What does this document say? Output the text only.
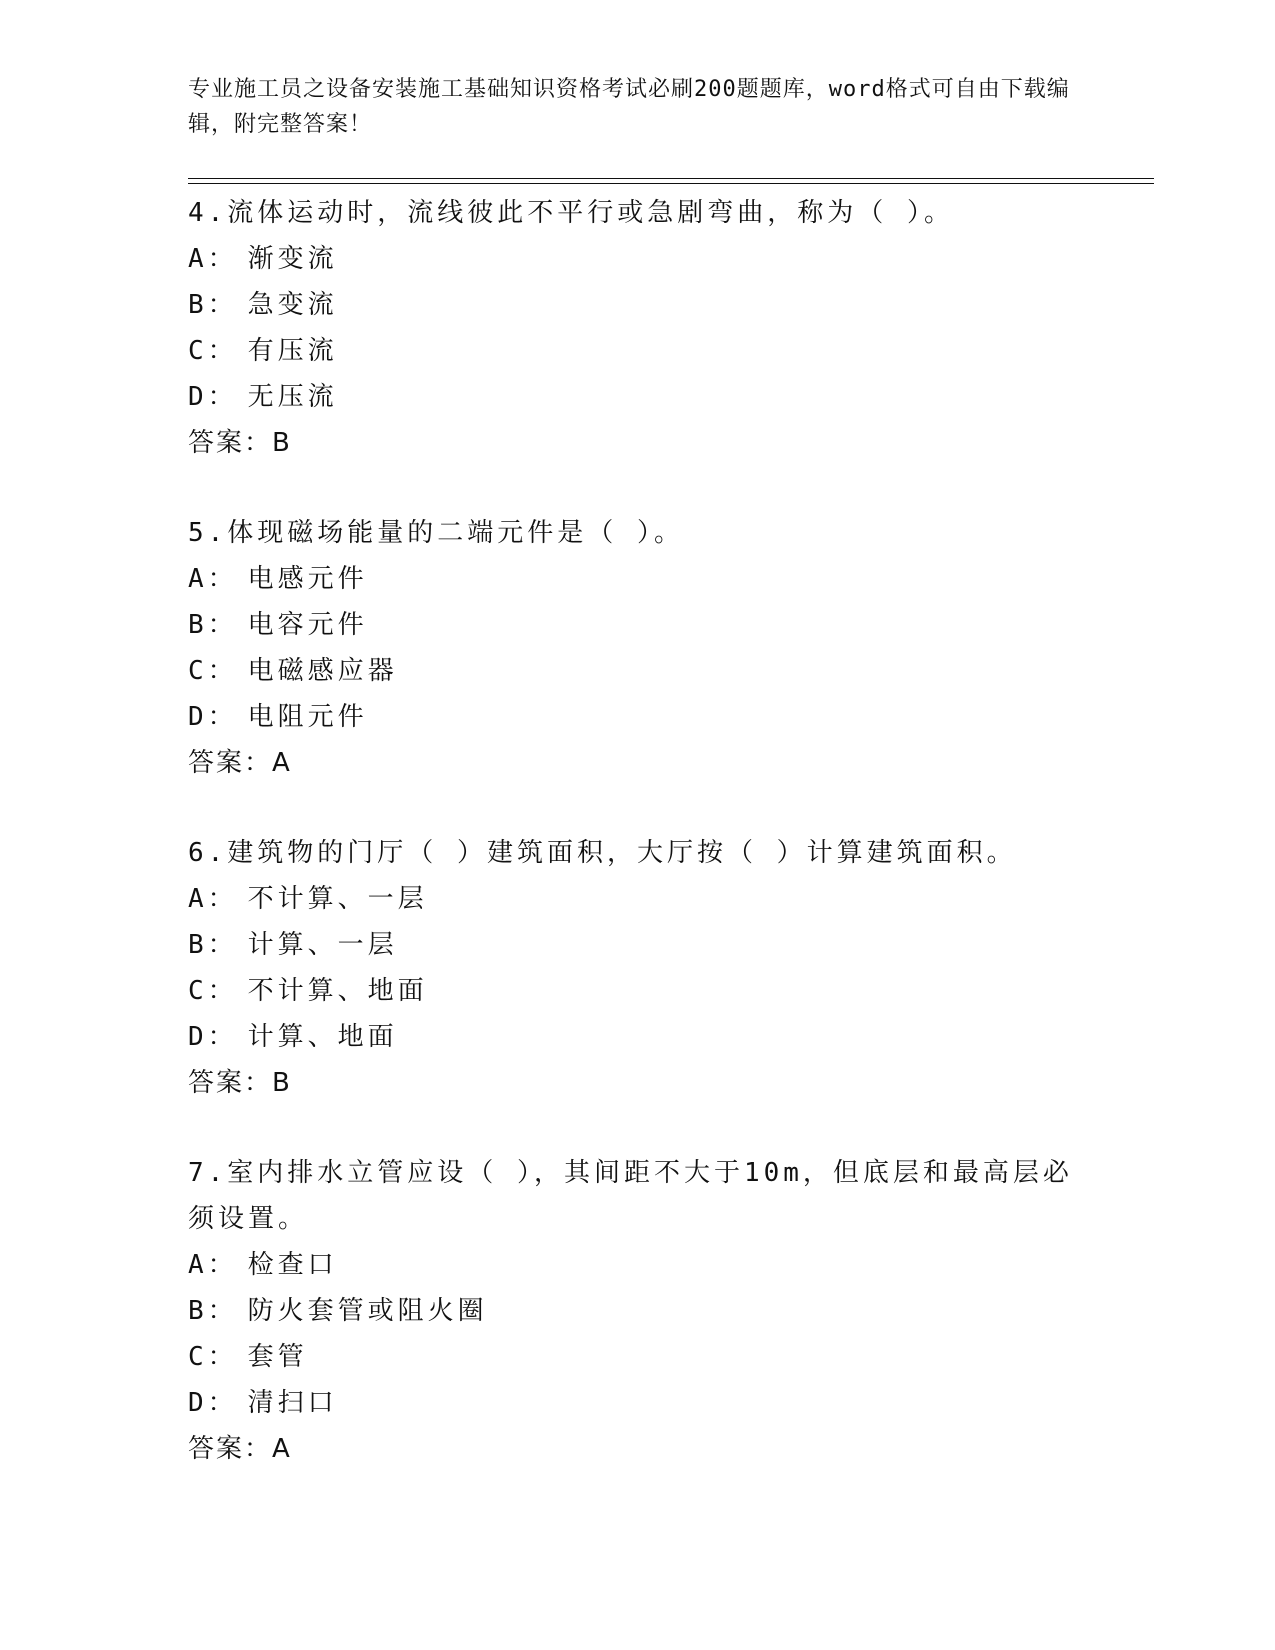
专业施工员之设备安装施工基础知识资格考试必刷200题题库，word格式可自由下载编辑，附完整答案！
4.流体运动时，流线彼此不平行或急剧弯曲，称为（ ）。
A： 渐变流
B： 急变流
C： 有压流
D： 无压流
答案：B
5.体现磁场能量的二端元件是（ ）。
A： 电感元件
B： 电容元件
C： 电磁感应器
D： 电阻元件
答案：A
6.建筑物的门厅（ ）建筑面积，大厅按（ ）计算建筑面积。
A： 不计算、一层
B： 计算、一层
C： 不计算、地面
D： 计算、地面
答案：B
7.室内排水立管应设（ ），其间距不大于10m，但底层和最高层必须设置。
A： 检查口
B： 防火套管或阻火圈
C： 套管
D： 清扫口
答案：A
